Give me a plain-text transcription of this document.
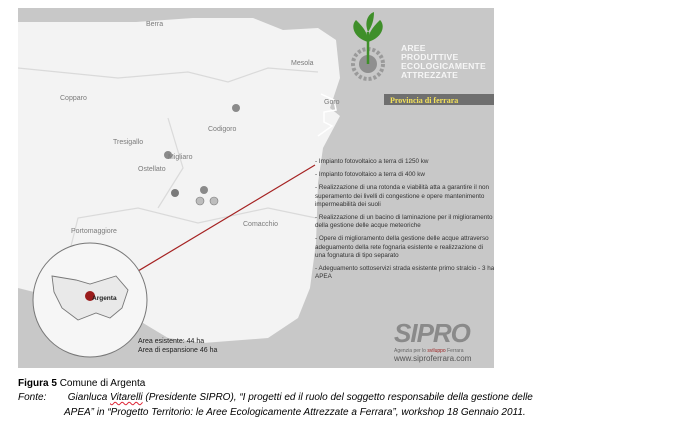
Berra
Mesola
Copparo
Goro
Tresigallo
Codigoro
Migliaro
Ostellato
Portomaggiore
Comacchio
AREE
PRODUTTIVE
ECOLOGICAMENTE
ATTREZZATE
Provincia di ferrara
- Impianto fotovoltaico a terra di 1250 kw
- Impianto fotovoltaico a terra di 400 kw
- Realizzazione di una rotonda e viabilità atta a garantire il non superamento dei livelli di congestione e opere mantenimento impermeabilità dei suoli
- Realizzazione di un bacino di laminazione per il miglioramento della gestione delle acque meteoriche
- Opere di miglioramento della gestione delle acque attraverso adeguamento della rete fognaria esistente e realizzazione di una fognatura di tipo separato
- Adeguamento sottoservizi strada esistente primo stralcio - 3 ha APEA
Argenta
Area esistente: 44 ha
Area di espansione 46 ha
SIPRO
Agenzia per lo sviluppo Ferrara
www.siproferrara.com
Figura 5 Comune di Argenta
Fonte: Gianluca Vitarelli (Presidente SIPRO), “I progetti ed il ruolo del soggetto responsabile della gestione delle
APEA” in “Progetto Territorio: le Aree Ecologicamente Attrezzate a Ferrara”, workshop 18 Gennaio 2011.
